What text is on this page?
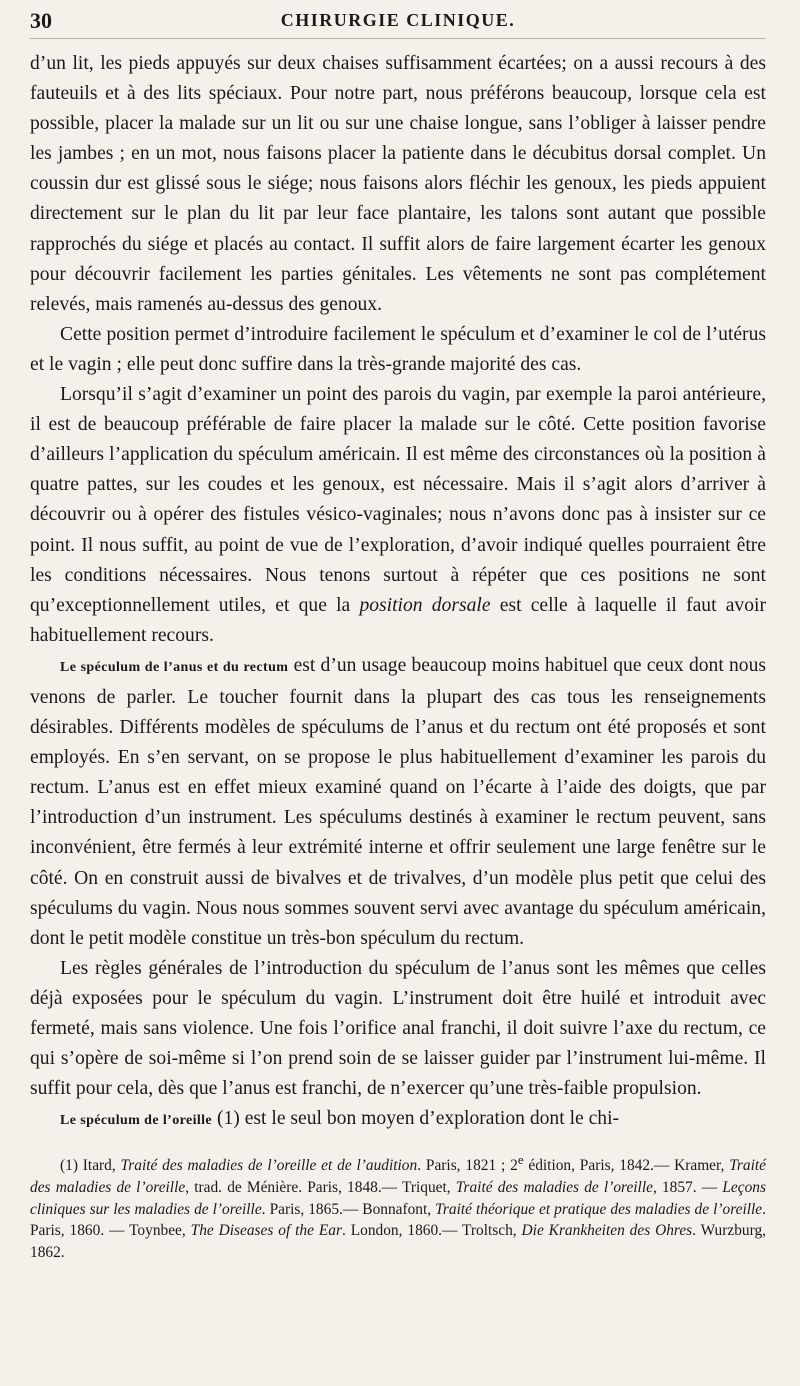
30	CHIRURGIE CLINIQUE.

d’un lit, les pieds appuyés sur deux chaises suffisamment écartées; on a aussi recours à des fauteuils et à des lits spéciaux. Pour notre part, nous préférons beaucoup, lorsque cela est possible, placer la malade sur un lit ou sur une chaise longue, sans l’obliger à laisser pendre les jambes ; en un mot, nous faisons placer la patiente dans le décubitus dorsal complet. Un coussin dur est glissé sous le siége; nous faisons alors fléchir les genoux, les pieds appuient directement sur le plan du lit par leur face plantaire, les talons sont autant que possible rapprochés du siége et placés au contact. Il suffit alors de faire largement écarter les genoux pour découvrir facilement les parties génitales. Les vêtements ne sont pas complétement relevés, mais ramenés au-dessus des genoux.

Cette position permet d’introduire facilement le spéculum et d’examiner le col de l’utérus et le vagin ; elle peut donc suffire dans la très-grande majorité des cas.

Lorsqu’il s’agit d’examiner un point des parois du vagin, par exemple la paroi antérieure, il est de beaucoup préférable de faire placer la malade sur le côté. Cette position favorise d’ailleurs l’application du spéculum américain. Il est même des circonstances où la position à quatre pattes, sur les coudes et les genoux, est nécessaire. Mais il s’agit alors d’arriver à découvrir ou à opérer des fistules vésico-vaginales; nous n’avons donc pas à insister sur ce point. Il nous suffit, au point de vue de l’exploration, d’avoir indiqué quelles pourraient être les conditions nécessaires. Nous tenons surtout à répéter que ces positions ne sont qu’exceptionnellement utiles, et que la position dorsale est celle à laquelle il faut avoir habituellement recours.

Le spéculum de l’anus et du rectum est d’un usage beaucoup moins habituel que ceux dont nous venons de parler. Le toucher fournit dans la plupart des cas tous les renseignements désirables. Différents modèles de spéculums de l’anus et du rectum ont été proposés et sont employés. En s’en servant, on se propose le plus habituellement d’examiner les parois du rectum. L’anus est en effet mieux examiné quand on l’écarte à l’aide des doigts, que par l’introduction d’un instrument. Les spéculums destinés à examiner le rectum peuvent, sans inconvénient, être fermés à leur extrémité interne et offrir seulement une large fenêtre sur le côté. On en construit aussi de bivalves et de trivalves, d’un modèle plus petit que celui des spéculums du vagin. Nous nous sommes souvent servi avec avantage du spéculum américain, dont le petit modèle constitue un très-bon spéculum du rectum.

Les règles générales de l’introduction du spéculum de l’anus sont les mêmes que celles déjà exposées pour le spéculum du vagin. L’instrument doit être huilé et introduit avec fermeté, mais sans violence. Une fois l’orifice anal franchi, il doit suivre l’axe du rectum, ce qui s’opère de soi-même si l’on prend soin de se laisser guider par l’instrument lui-même. Il suffit pour cela, dès que l’anus est franchi, de n’exercer qu’une très-faible propulsion.

Le spéculum de l’oreille (1) est le seul bon moyen d’exploration dont le chi-

(1) Itard, Traité des maladies de l’oreille et de l’audition. Paris, 1821 ; 2e édition, Paris, 1842.— Kramer, Traité des maladies de l’oreille, trad. de Ménière. Paris, 1848.— Triquet, Traité des maladies de l’oreille, 1857. — Leçons cliniques sur les maladies de l’oreille. Paris, 1865.— Bonnafont, Traité théorique et pratique des maladies de l’oreille. Paris, 1860. — Toynbee, The Diseases of the Ear. London, 1860.— Troltsch, Die Krankheiten des Ohres. Wurzburg, 1862.
